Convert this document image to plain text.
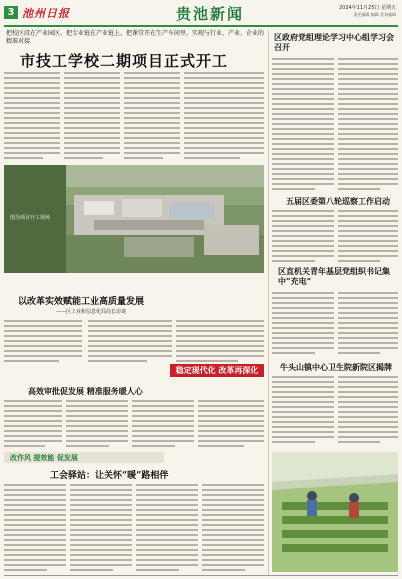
3 池州日报	贵池新闻	2024年11月25日 星期五
责任编辑 编辑 美术编辑
把校区段在产业园区、把专业链在产业链上、把课堂开在生产车间里，实现与行业、产业、企业的精准对接
市技工学校二期项目正式开工
图为项目开工现场
以改革实效赋能工业高质量发展
——区工业和信息化局局长访谈
稳定现代化 改革再深化
高效审批促发展 精准服务暖人心
改作风 提效能 促发展
工会驿站：让关怀“暖”路相伴
区政府党组理论学习中心组学习会召开
五届区委第八轮巡察工作启动
区直机关青年基层党组织书记集中“充电”
牛头山镇中心卫生院新院区揭牌
